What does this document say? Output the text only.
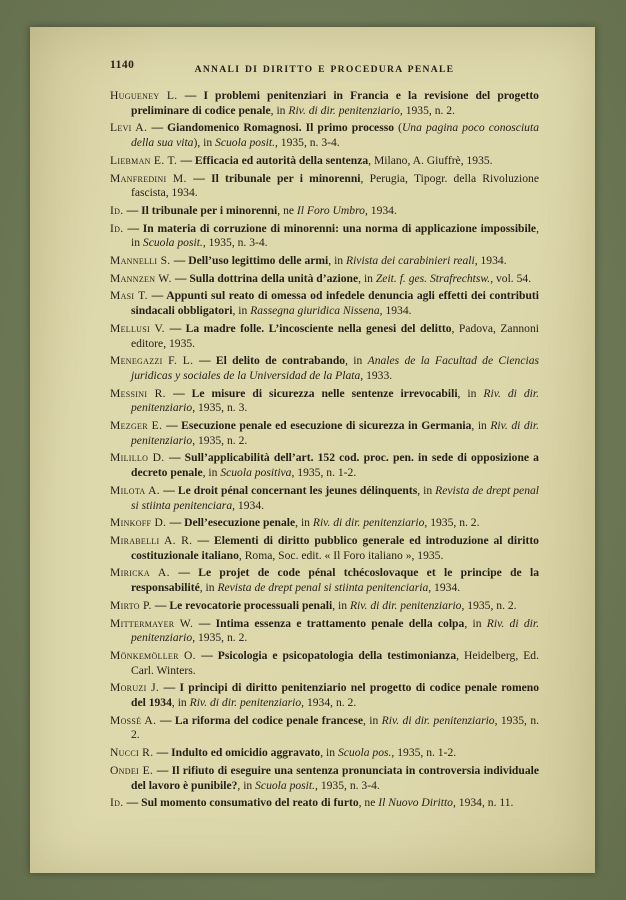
1140	ANNALI DI DIRITTO E PROCEDURA PENALE

Hugueney L. — I problemi penitenziari in Francia e la revisione del progetto preliminare di codice penale, in Riv. di dir. penitenziario, 1935, n. 2.

Levi A. — Giandomenico Romagnosi. Il primo processo (Una pagina poco conosciuta della sua vita), in Scuola posit., 1935, n. 3-4.

Liebman E. T. — Efficacia ed autorità della sentenza, Milano, A. Giuffrè, 1935.

Manfredini M. — Il tribunale per i minorenni, Perugia, Tipogr. della Rivoluzione fascista, 1934.

Id. — Il tribunale per i minorenni, ne Il Foro Umbro, 1934.

Id. — In materia di corruzione di minorenni: una norma di applicazione impossibile, in Scuola posit., 1935, n. 3-4.

Mannelli S. — Dell’uso legittimo delle armi, in Rivista dei carabinieri reali, 1934.

Mannzen W. — Sulla dottrina della unità d’azione, in Zeit. f. ges. Strafrechtsw., vol. 54.

Masi T. — Appunti sul reato di omessa od infedele denuncia agli effetti dei contributi sindacali obbligatori, in Rassegna giuridica Nissena, 1934.

Mellusi V. — La madre folle. L’incosciente nella genesi del delitto, Padova, Zannoni editore, 1935.

Menegazzi F. L. — El delito de contrabando, in Anales de la Facultad de Ciencias juridicas y sociales de la Universidad de la Plata, 1933.

Messini R. — Le misure di sicurezza nelle sentenze irrevocabili, in Riv. di dir. penitenziario, 1935, n. 3.

Mezger E. — Esecuzione penale ed esecuzione di sicurezza in Germania, in Riv. di dir. penitenziario, 1935, n. 2.

Milillo D. — Sull’applicabilità dell’art. 152 cod. proc. pen. in sede di opposizione a decreto penale, in Scuola positiva, 1935, n. 1-2.

Milota A. — Le droit pénal concernant les jeunes délinquents, in Revista de drept penal si stiinta penitenciara, 1934.

Minkoff D. — Dell’esecuzione penale, in Riv. di dir. penitenziario, 1935, n. 2.

Mirabelli A. R. — Elementi di diritto pubblico generale ed introduzione al diritto costituzionale italiano, Roma, Soc. edit. « Il Foro italiano », 1935.

Miricka A. — Le projet de code pénal tchécoslovaque et le principe de la responsabilité, in Revista de drept penal si stiinta penitenciaria, 1934.

Mirto P. — Le revocatorie processuali penali, in Riv. di dir. penitenziario, 1935, n. 2.

Mittermayer W. — Intima essenza e trattamento penale della colpa, in Riv. di dir. penitenziario, 1935, n. 2.

Mönkemöller O. — Psicologia e psicopatologia della testimonianza, Heidelberg, Ed. Carl. Winters.

Moruzi J. — I principi di diritto penitenziario nel progetto di codice penale romeno del 1934, in Riv. di dir. penitenziario, 1934, n. 2.

Mossé A. — La riforma del codice penale francese, in Riv. di dir. penitenziario, 1935, n. 2.

Nucci R. — Indulto ed omicidio aggravato, in Scuola pos., 1935, n. 1-2.

Ondei E. — Il rifiuto di eseguire una sentenza pronunciata in controversia individuale del lavoro è punibile?, in Scuola posit., 1935, n. 3-4.

Id. — Sul momento consumativo del reato di furto, ne Il Nuovo Diritto, 1934, n. 11.
